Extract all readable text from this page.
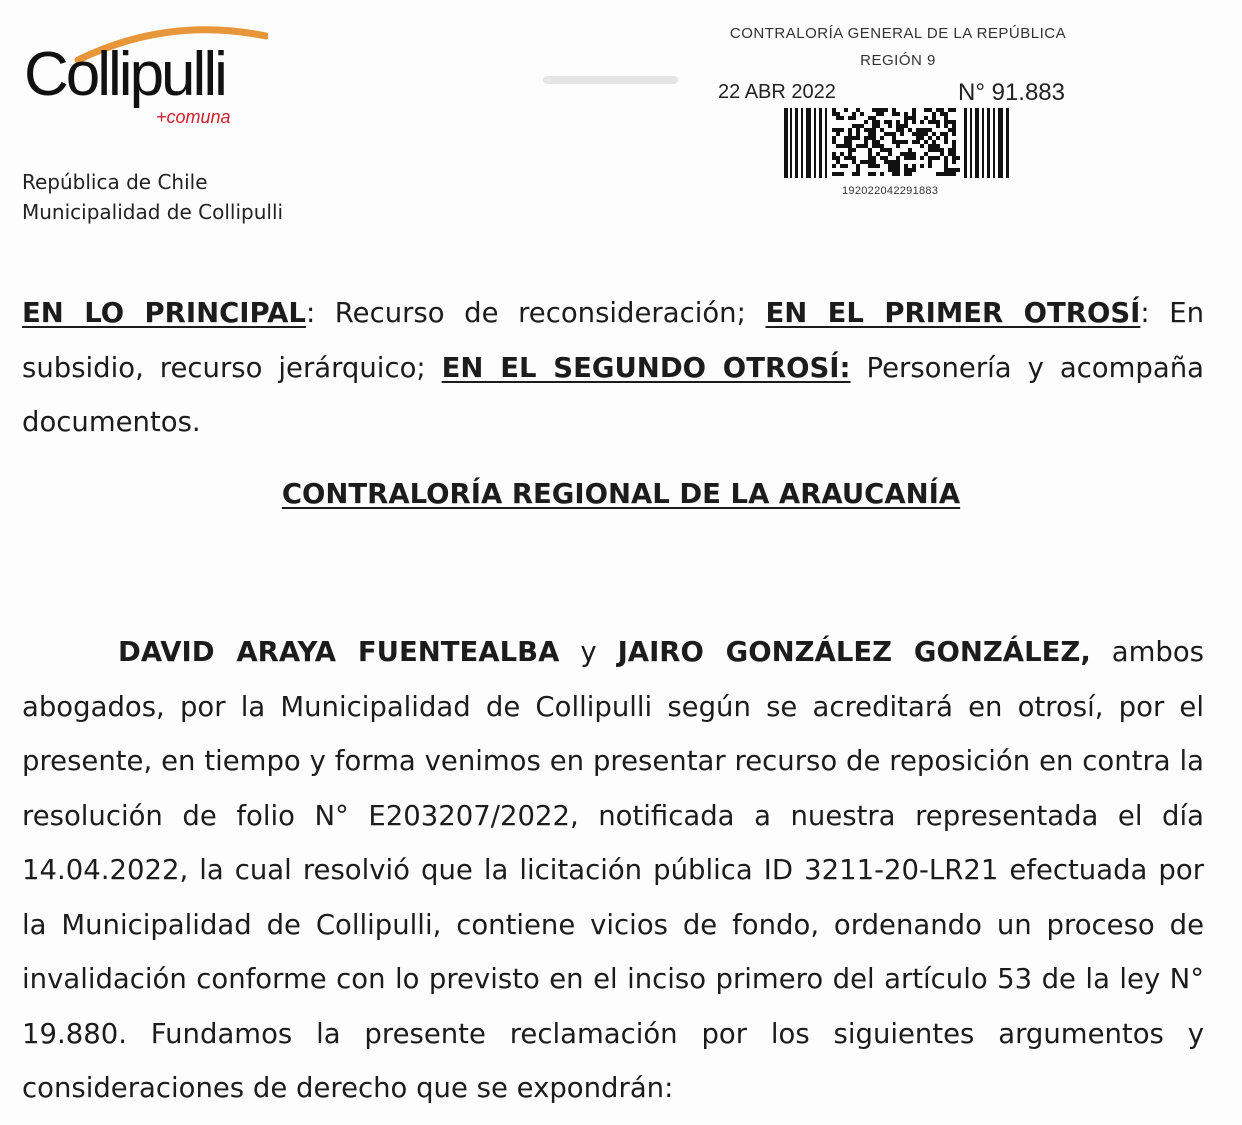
Collipulli
+comuna
República de Chile
Municipalidad de Collipulli
CONTRALORÍA GENERAL DE LA REPÚBLICA
REGIÓN 9
22 ABR 2022	N° 91.883
192022042291883
EN LO PRINCIPAL: Recurso de reconsideración; EN EL PRIMER OTROSÍ: En subsidio, recurso jerárquico; EN EL SEGUNDO OTROSÍ: Personería y acompaña documentos.
CONTRALORÍA REGIONAL DE LA ARAUCANÍA
DAVID ARAYA FUENTEALBA y JAIRO GONZÁLEZ GONZÁLEZ, ambos abogados, por la Municipalidad de Collipulli según se acreditará en otrosí, por el presente, en tiempo y forma venimos en presentar recurso de reposición en contra la resolución de folio N° E203207/2022, notificada a nuestra representada el día 14.04.2022, la cual resolvió que la licitación pública ID 3211-20-LR21 efectuada por la Municipalidad de Collipulli, contiene vicios de fondo, ordenando un proceso de invalidación conforme con lo previsto en el inciso primero del artículo 53 de la ley N° 19.880. Fundamos la presente reclamación por los siguientes argumentos y consideraciones de derecho que se expondrán:
